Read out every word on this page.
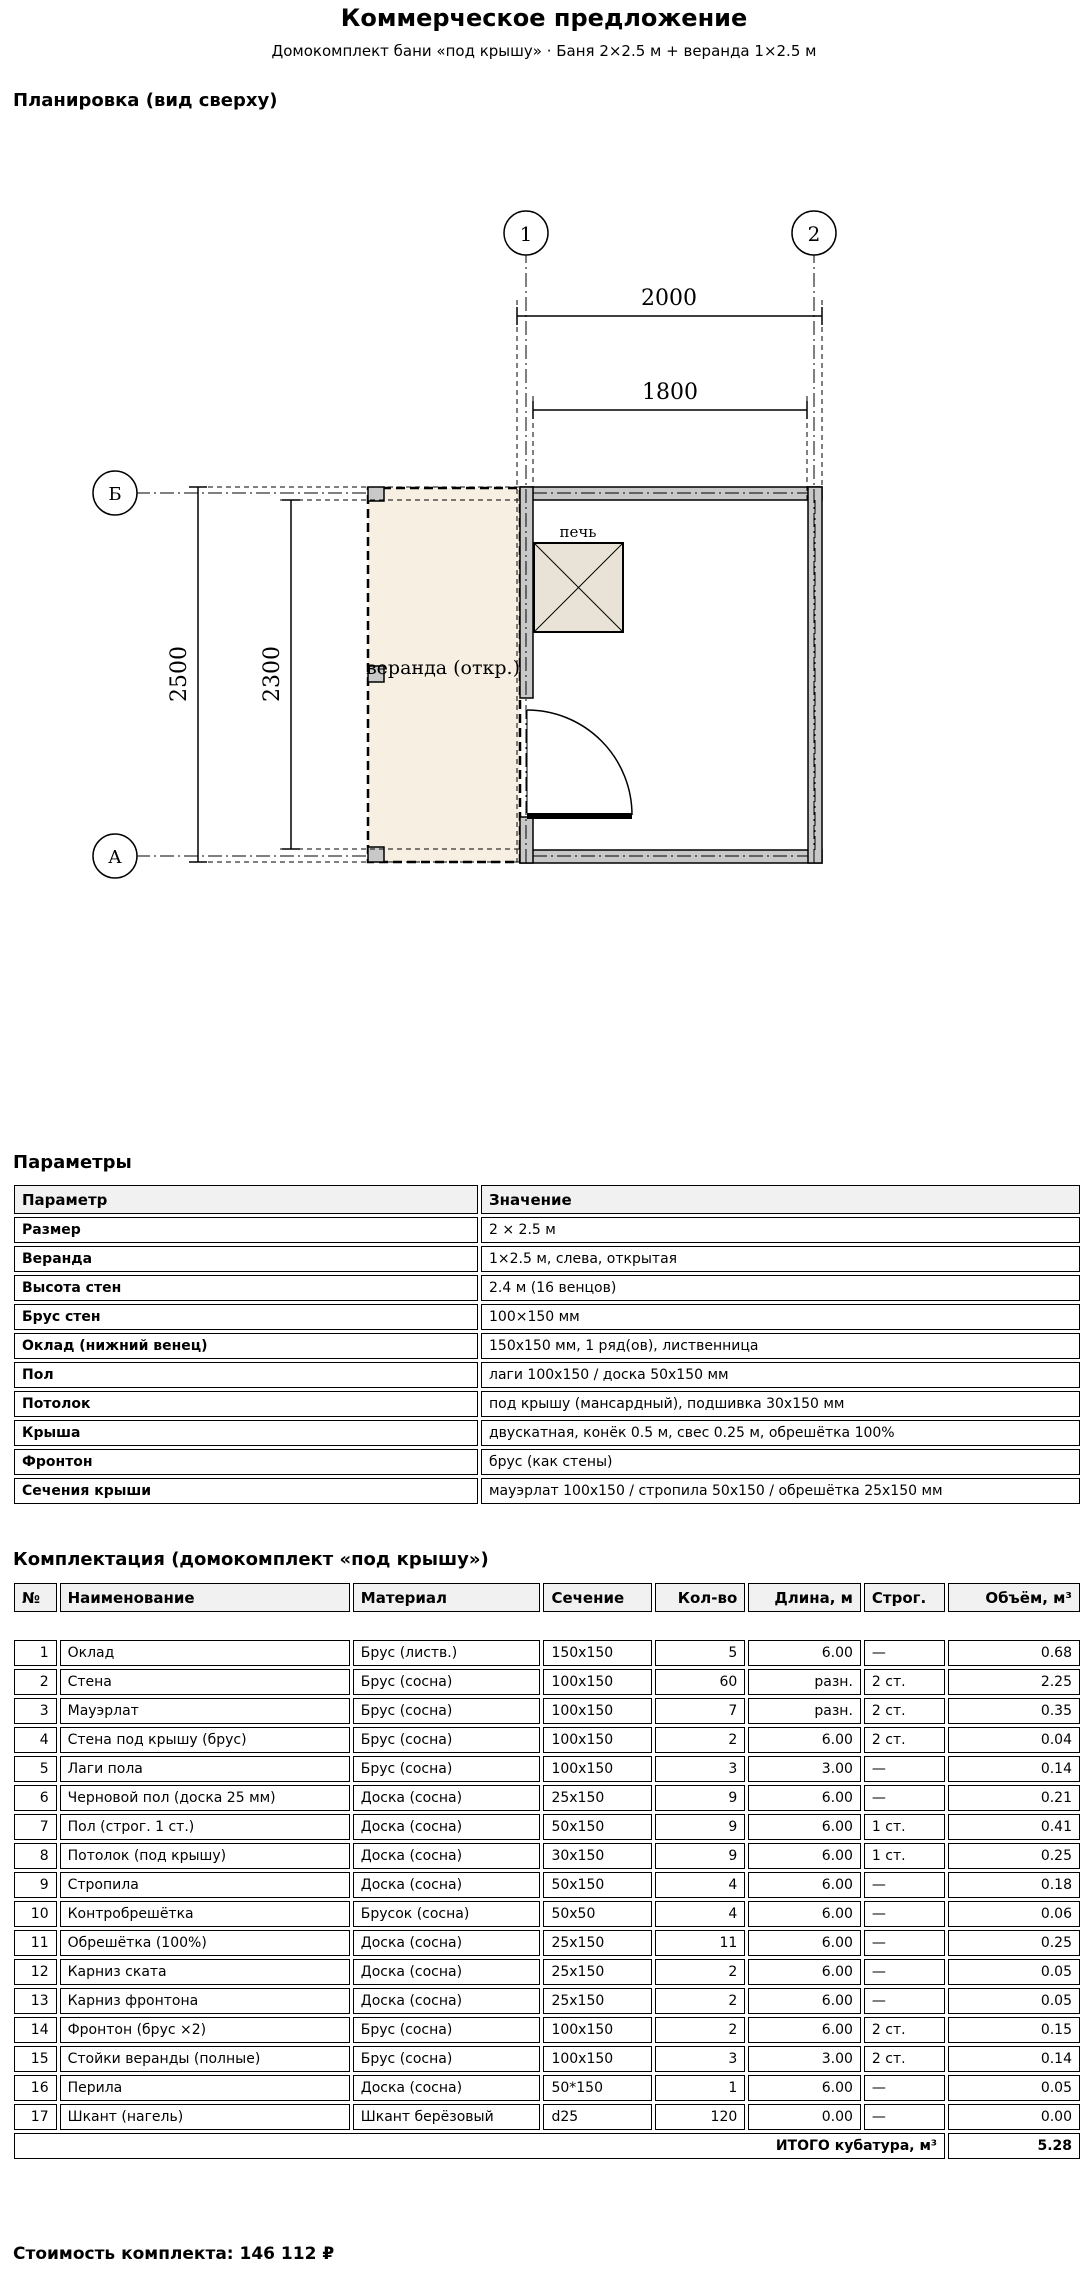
Коммерческое предложение

Домокомплект бани «под крышу» · Баня 2×2.5 м + веранда 1×2.5 м

Планировка (вид сверху)
печь
веранда (откр.)
1	2
Б
А
2000
1800
2500	2300
Параметры
Параметр	Значение
Размер	2 × 2.5 м
Веранда	1×2.5 м, слева, открытая
Высота стен	2.4 м (16 венцов)
Брус стен	100×150 мм
Оклад (нижний венец)	150x150 мм, 1 ряд(ов), лиственница
Пол	лаги 100x150 / доска 50x150 мм
Потолок	под крышу (мансардный), подшивка 30x150 мм
Крыша	двускатная, конёк 0.5 м, свес 0.25 м, обрешётка 100%
Фронтон	брус (как стены)
Сечения крыши	мауэрлат 100x150 / стропила 50x150 / обрешётка 25x150 мм
Комплектация (домокомплект «под крышу»)
№	Наименование	Материал	Сечение	Кол-во	Длина, м	Строг.	Объём, м³

1	Оклад	Брус (листв.)	150x150	5	6.00	—	0.68
2	Стена	Брус (сосна)	100x150	60	разн.	2 ст.	2.25
3	Мауэрлат	Брус (сосна)	100x150	7	разн.	2 ст.	0.35
4	Стена под крышу (брус)	Брус (сосна)	100x150	2	6.00	2 ст.	0.04
5	Лаги пола	Брус (сосна)	100x150	3	3.00	—	0.14
6	Черновой пол (доска 25 мм)	Доска (сосна)	25x150	9	6.00	—	0.21
7	Пол (строг. 1 ст.)	Доска (сосна)	50x150	9	6.00	1 ст.	0.41
8	Потолок (под крышу)	Доска (сосна)	30x150	9	6.00	1 ст.	0.25
9	Стропила	Доска (сосна)	50x150	4	6.00	—	0.18
10	Контробрешётка	Брусок (сосна)	50x50	4	6.00	—	0.06
11	Обрешётка (100%)	Доска (сосна)	25x150	11	6.00	—	0.25
12	Карниз ската	Доска (сосна)	25x150	2	6.00	—	0.05
13	Карниз фронтона	Доска (сосна)	25x150	2	6.00	—	0.05
14	Фронтон (брус ×2)	Брус (сосна)	100x150	2	6.00	2 ст.	0.15
15	Стойки веранды (полные)	Брус (сосна)	100x150	3	3.00	2 ст.	0.14
16	Перила	Доска (сосна)	50*150	1	6.00	—	0.05
17	Шкант (нагель)	Шкант берёзовый	d25	120	0.00	—	0.00
ИТОГО кубатура, м³							5.28

Стоимость комплекта: 146 112 ₽
